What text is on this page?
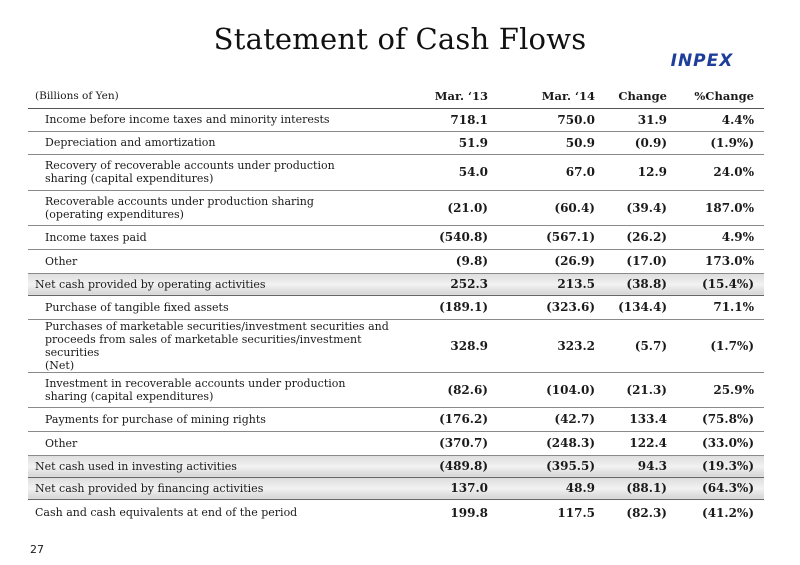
Statement of Cash Flows
INPEX
(Billions of Yen)	Mar. ‘13	Mar. ‘14	Change	%Change
Income before income taxes and minority interests	718.1	750.0	31.9	4.4%
Depreciation and amortization	51.9	50.9	(0.9)	(1.9%)
Recovery of recoverable accounts under production
sharing (capital expenditures)	54.0	67.0	12.9	24.0%
Recoverable accounts under production sharing
(operating expenditures)	(21.0)	(60.4)	(39.4)	187.0%
Income taxes paid	(540.8)	(567.1)	(26.2)	4.9%
Other	(9.8)	(26.9)	(17.0)	173.0%
Net cash provided by operating activities	252.3	213.5	(38.8)	(15.4%)
Purchase of tangible fixed assets	(189.1)	(323.6)	(134.4)	71.1%
Purchases of marketable securities/investment securities and
proceeds from sales of marketable securities/investment securities
(Net)	328.9	323.2	(5.7)	(1.7%)
Investment in recoverable accounts under production
sharing (capital expenditures)	(82.6)	(104.0)	(21.3)	25.9%
Payments for purchase of mining rights	(176.2)	(42.7)	133.4	(75.8%)
Other	(370.7)	(248.3)	122.4	(33.0%)
Net cash used in investing activities	(489.8)	(395.5)	94.3	(19.3%)
Net cash provided by financing activities	137.0	48.9	(88.1)	(64.3%)
Cash and cash equivalents at end of the period	199.8	117.5	(82.3)	(41.2%)
27
